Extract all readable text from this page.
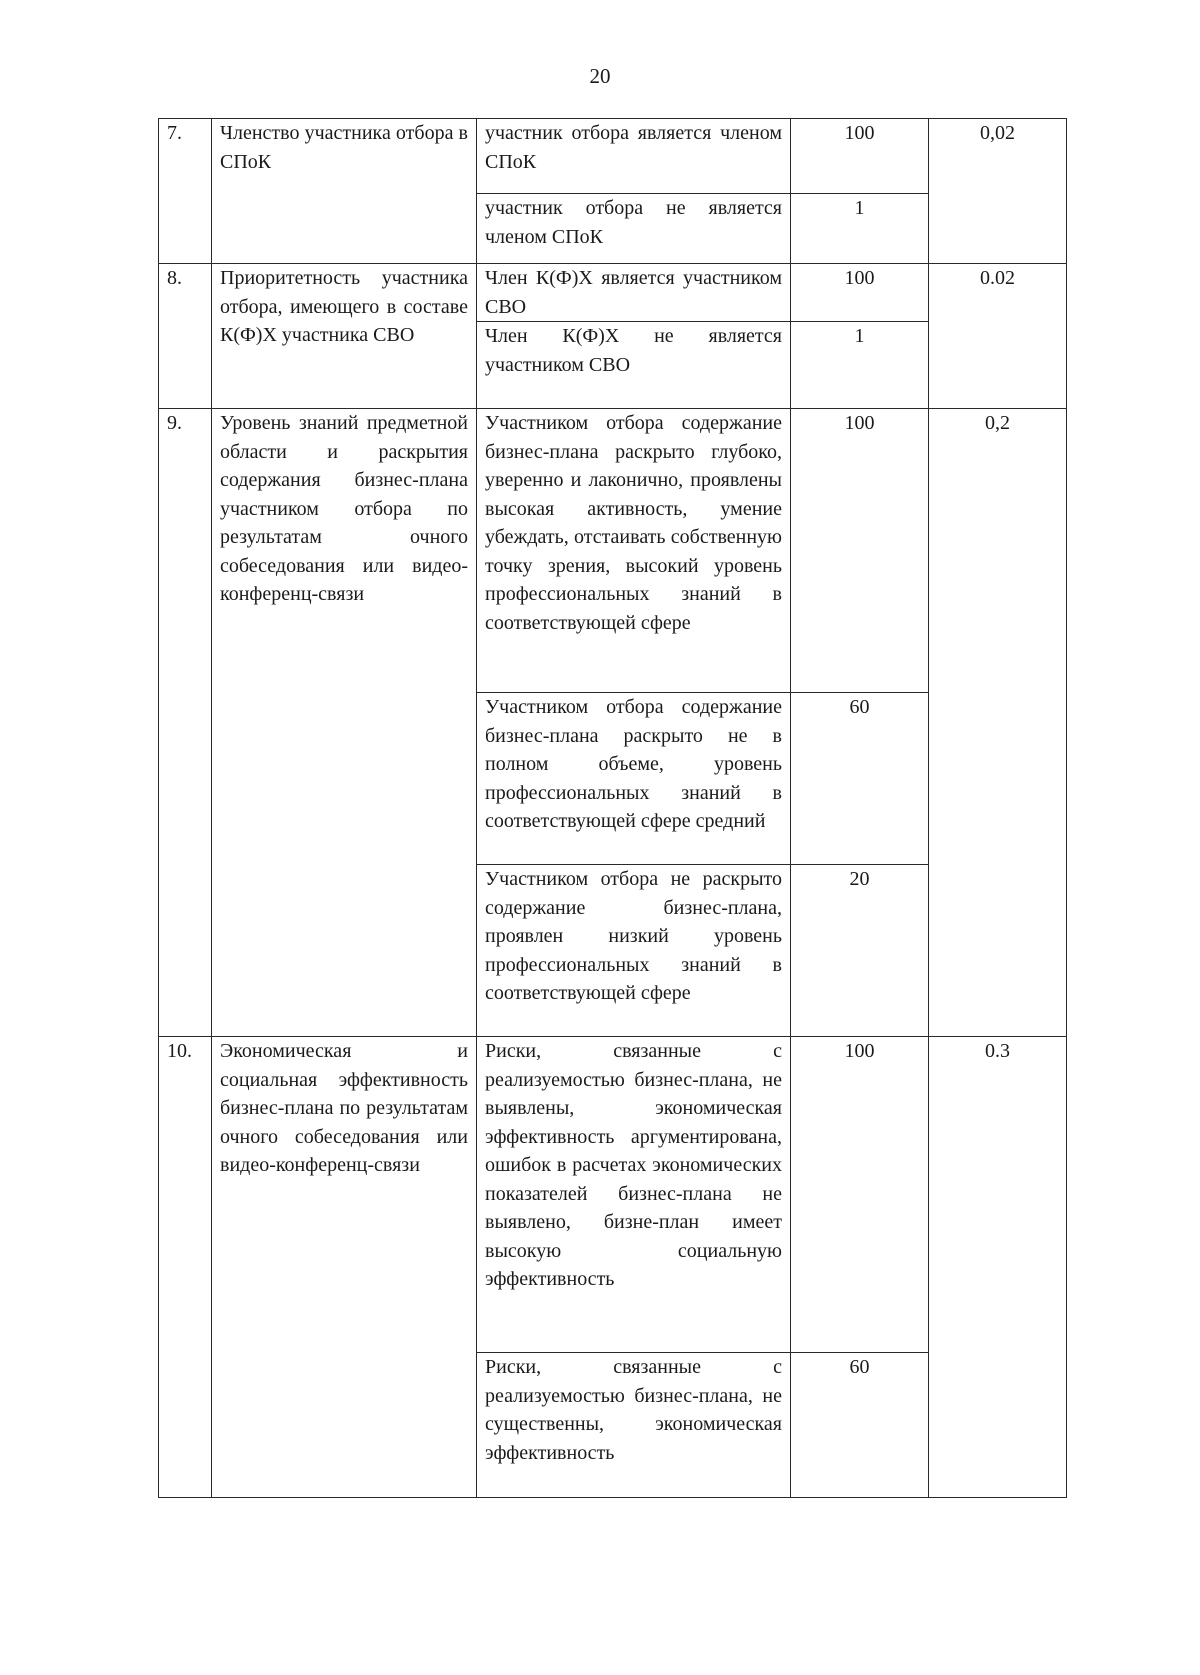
20
7.	Членство участника отбора в СПоК	участник отбора является членом СПоК	100	0,02
		участник отбора не является членом СПоК	1	
8.	Приоритетность участника отбора, имеющего в составе К(Ф)Х участника СВО	Член К(Ф)Х является участником СВО	100	0.02
		Член К(Ф)Х не является участником СВО	1	
9.	Уровень знаний предметной области и раскрытия содержания бизнес-плана участником отбора по результатам очного собеседования или видео-конференц-связи	Участником отбора содержание бизнес-плана раскрыто глубоко, уверенно и лаконично, проявлены высокая активность, умение убеждать, отстаивать собственную точку зрения, высокий уровень профессиональных знаний в соответствующей сфере	100	0,2
		Участником отбора содержание бизнес-плана раскрыто не в полном объеме, уровень профессиональных знаний в соответствующей сфере средний	60	
		Участником отбора не раскрыто содержание бизнес-плана, проявлен низкий уровень профессиональных знаний в соответствующей сфере	20	
10.	Экономическая и социальная эффективность бизнес-плана по результатам очного собеседования или видео-конференц-связи	Риски, связанные с реализуемостью бизнес-плана, не выявлены, экономическая эффективность аргументирована, ошибок в расчетах экономических показателей бизнес-плана не выявлено, бизне-план имеет высокую социальную эффективность	100	0.3
		Риски, связанные с реализуемостью бизнес-плана, не существенны, экономическая эффективность	60	
